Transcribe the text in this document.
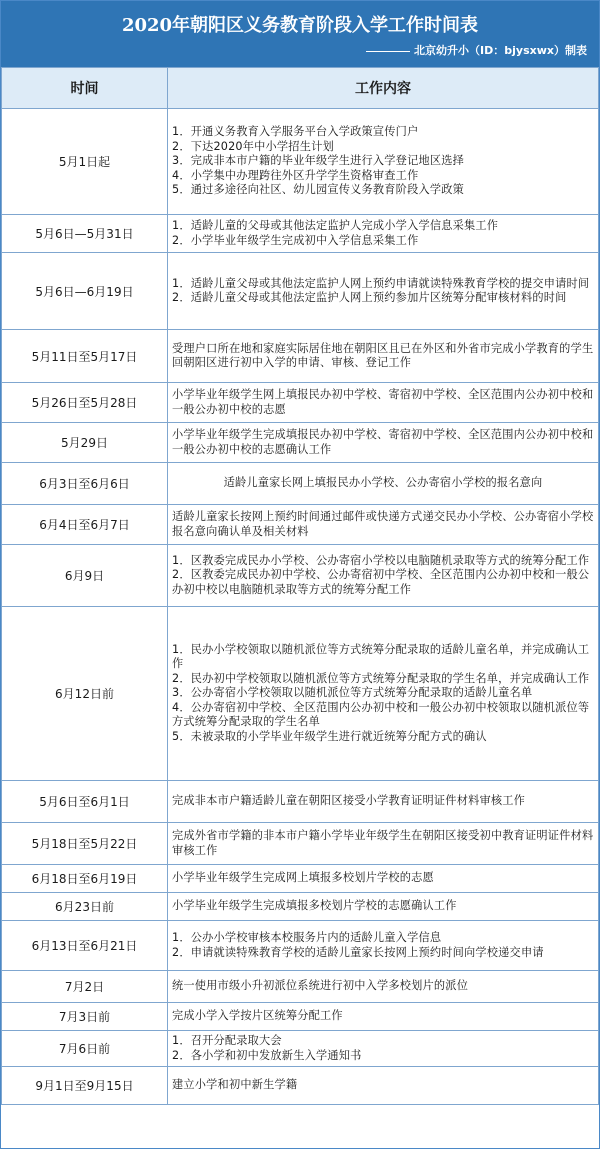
2020年朝阳区义务教育阶段入学工作时间表
北京幼升小（ID：bjysxwx）制表
时间	工作内容
5月1日起	1．开通义务教育入学服务平台入学政策宣传门户
2．下达2020年中小学招生计划
3．完成非本市户籍的毕业年级学生进行入学登记地区选择
4．小学集中办理跨往外区升学学生资格审查工作
5．通过多途径向社区、幼儿园宣传义务教育阶段入学政策

5月6日—5月31日	1．适龄儿童的父母或其他法定监护人完成小学入学信息采集工作
2．小学毕业年级学生完成初中入学信息采集工作

5月6日—6月19日	1．适龄儿童父母或其他法定监护人网上预约申请就读特殊教育学校的提交申请时间
2．适龄儿童父母或其他法定监护人网上预约参加片区统筹分配审核材料的时间

5月11日至5月17日	受理户口所在地和家庭实际居住地在朝阳区且已在外区和外省市完成小学教育的学生回朝阳区进行初中入学的申请、审核、登记工作

5月26日至5月28日	小学毕业年级学生网上填报民办初中学校、寄宿初中学校、全区范围内公办初中校和一般公办初中校的志愿

5月29日	小学毕业年级学生完成填报民办初中学校、寄宿初中学校、全区范围内公办初中校和一般公办初中校的志愿确认工作

6月3日至6月6日	适龄儿童家长网上填报民办小学校、公办寄宿小学校的报名意向

6月4日至6月7日	适龄儿童家长按网上预约时间通过邮件或快递方式递交民办小学校、公办寄宿小学校报名意向确认单及相关材料

6月9日	1．区教委完成民办小学校、公办寄宿小学校以电脑随机录取等方式的统筹分配工作
2．区教委完成民办初中学校、公办寄宿初中学校、全区范围内公办初中校和一般公办初中校以电脑随机录取等方式的统筹分配工作

6月12日前	1．民办小学校领取以随机派位等方式统筹分配录取的适龄儿童名单，并完成确认工作
2．民办初中学校领取以随机派位等方式统筹分配录取的学生名单，并完成确认工作
3．公办寄宿小学校领取以随机派位等方式统筹分配录取的适龄儿童名单
4．公办寄宿初中学校、全区范围内公办初中校和一般公办初中校领取以随机派位等方式统筹分配录取的学生名单
5．未被录取的小学毕业年级学生进行就近统筹分配方式的确认

5月6日至6月1日	完成非本市户籍适龄儿童在朝阳区接受小学教育证明证件材料审核工作

5月18日至5月22日	完成外省市学籍的非本市户籍小学毕业年级学生在朝阳区接受初中教育证明证件材料审核工作

6月18日至6月19日	小学毕业年级学生完成网上填报多校划片学校的志愿

6月23日前	小学毕业年级学生完成填报多校划片学校的志愿确认工作

6月13日至6月21日	1．公办小学校审核本校服务片内的适龄儿童入学信息
2．申请就读特殊教育学校的适龄儿童家长按网上预约时间向学校递交申请

7月2日	统一使用市级小升初派位系统进行初中入学多校划片的派位

7月3日前	完成小学入学按片区统筹分配工作

7月6日前	1．召开分配录取大会
2．各小学和初中发放新生入学通知书

9月1日至9月15日	建立小学和初中新生学籍
